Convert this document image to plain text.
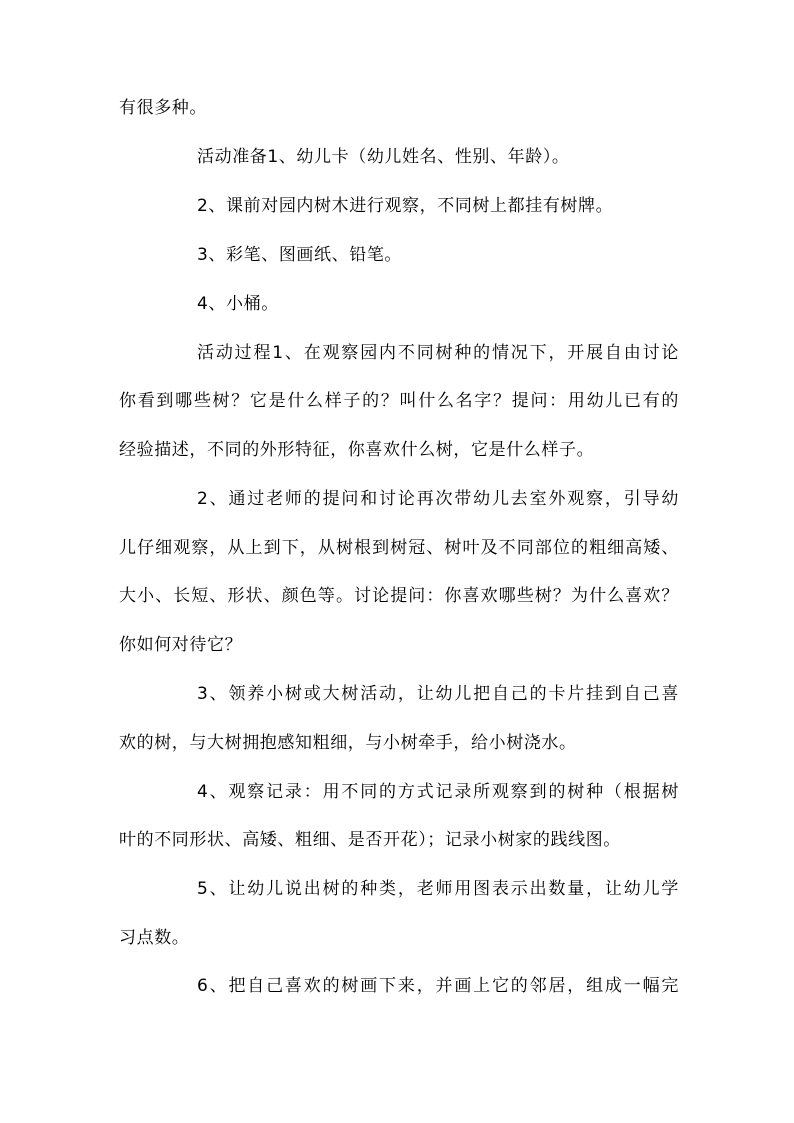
有很多种。
活动准备1、幼儿卡（幼儿姓名、性别、年龄）。
2、课前对园内树木进行观察，不同树上都挂有树牌。
3、彩笔、图画纸、铅笔。
4、小桶。
活动过程1、在观察园内不同树种的情况下，开展自由讨论
你看到哪些树？它是什么样子的？叫什么名字？提问：用幼儿已有的
经验描述，不同的外形特征，你喜欢什么树，它是什么样子。
2、通过老师的提问和讨论再次带幼儿去室外观察，引导幼
儿仔细观察，从上到下，从树根到树冠、树叶及不同部位的粗细高矮、
大小、长短、形状、颜色等。讨论提问：你喜欢哪些树？为什么喜欢？
你如何对待它？
3、领养小树或大树活动，让幼儿把自己的卡片挂到自己喜
欢的树，与大树拥抱感知粗细，与小树牵手，给小树浇水。
4、观察记录：用不同的方式记录所观察到的树种（根据树
叶的不同形状、高矮、粗细、是否开花）；记录小树家的践线图。
5、让幼儿说出树的种类，老师用图表示出数量，让幼儿学
习点数。
6、把自己喜欢的树画下来，并画上它的邻居，组成一幅完
